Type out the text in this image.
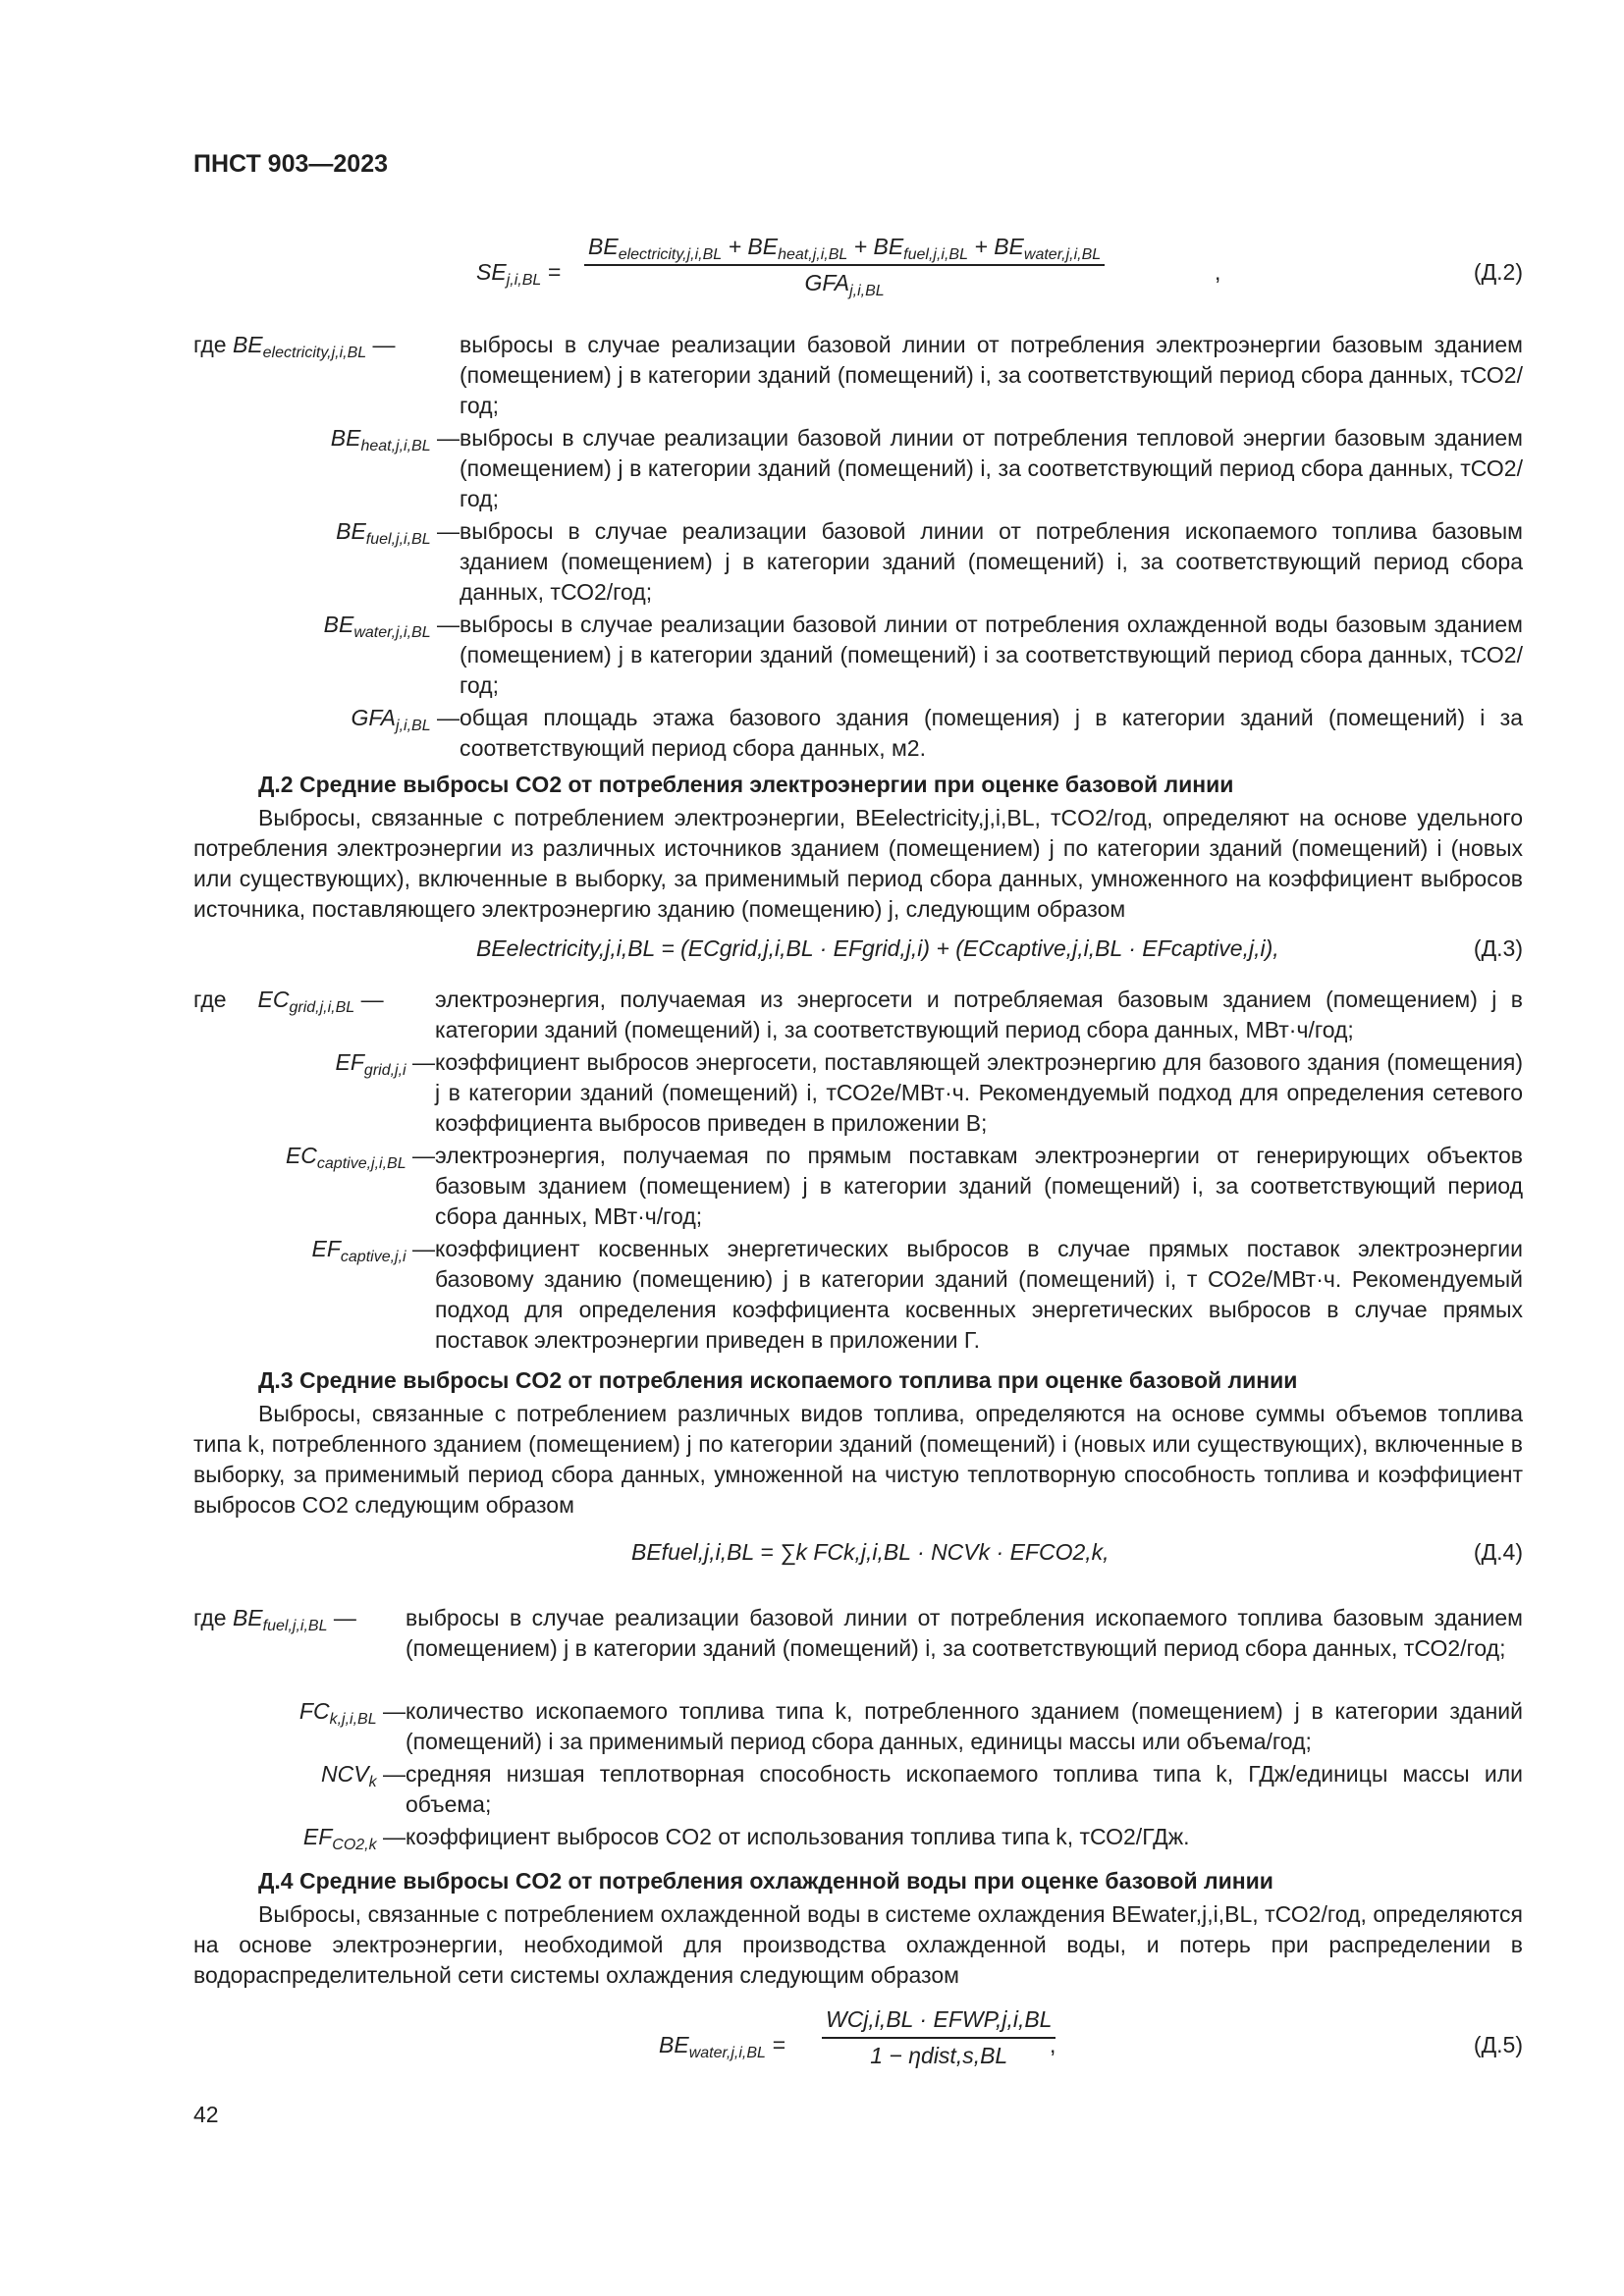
ПНСТ 903—2023
$SE_{j,i,BL}$ =
$BE_{electricity,j,i,BL} + BE_{heat,j,i,BL} + BE_{fuel,j,i,BL} + BE_{water,j,i,BL}$
$GFA_{j,i,BL}$
,	(Д.2)
где $BE_{electricity,j,i,BL}$ —	выбросы в случае реализации базовой линии от потребления электроэнергии базовым зданием (помещением) j в категории зданий (помещений) i, за соответствующий период сбора данных, тСО2/год;
$BE_{heat,j,i,BL}$ — выбросы в случае реализации базовой линии от потребления тепловой энергии базовым зданием (помещением) j в категории зданий (помещений) i, за соответствующий период сбора данных, тСО2/год;
$BE_{fuel,j,i,BL}$ — выбросы в случае реализации базовой линии от потребления ископаемого топлива базовым зданием (помещением) j в категории зданий (помещений) i, за соответствующий период сбора данных, тСО2/год;
$BE_{water,j,i,BL}$ — выбросы в случае реализации базовой линии от потребления охлажденной воды базовым зданием (помещением) j в категории зданий (помещений) i за соответствующий период сбора данных, тСО2/год;
$GFA_{j,i,BL}$ — общая площадь этажа базового здания (помещения) j в категории зданий (помещений) i за соответствующий период сбора данных, м2.
Д.2 Средние выбросы CO2 от потребления электроэнергии при оценке базовой линии
Выбросы, связанные с потреблением электроэнергии, BEelectricity,j,i,BL, тCO2/год, определяют на основе удельного потребления электроэнергии из различных источников зданием (помещением) j по категории зданий (помещений) i (новых или существующих), включенные в выборку, за применимый период сбора данных, умноженного на коэффициент выбросов источника, поставляющего электроэнергию зданию (помещению) j, следующим образом
BEelectricity,j,i,BL = (ECgrid,j,i,BL · EFgrid,j,i) + (ECcaptive,j,i,BL · EFcaptive,j,i),	(Д.3)
где $EC_{grid,j,i,BL}$ — электроэнергия, получаемая из энергосети и потребляемая базовым зданием (помещением) j в категории зданий (помещений) i, за соответствующий период сбора данных, МВт·ч/год;
$EF_{grid,j,i}$ — коэффициент выбросов энергосети, поставляющей электроэнергию для базового здания (помещения) j в категории зданий (помещений) i, тСО2е/МВт·ч. Рекомендуемый подход для определения сетевого коэффициента выбросов приведен в приложении В;
$EC_{captive,j,i,BL}$ — электроэнергия, получаемая по прямым поставкам электроэнергии от генерирующих объектов базовым зданием (помещением) j в категории зданий (помещений) i, за соответствующий период сбора данных, МВт·ч/год;
$EF_{captive,j,i}$ — коэффициент косвенных энергетических выбросов в случае прямых поставок электроэнергии базовому зданию (помещению) j в категории зданий (помещений) i, т СО2е/МВт·ч. Рекомендуемый подход для определения коэффициента косвенных энергетических выбросов в случае прямых поставок электроэнергии приведен в приложении Г.
Д.3 Средние выбросы CO2 от потребления ископаемого топлива при оценке базовой линии
Выбросы, связанные с потреблением различных видов топлива, определяются на основе суммы объемов топлива типа k, потребленного зданием (помещением) j по категории зданий (помещений) i (новых или существующих), включенные в выборку, за применимый период сбора данных, умноженной на чистую теплотворную способность топлива и коэффициент выбросов CO2 следующим образом
BEfuel,j,i,BL = ∑k FCk,j,i,BL · NCVk · EFCO2,k,	(Д.4)
где $BE_{fuel,j,i,BL}$ — выбросы в случае реализации базовой линии от потребления ископаемого топлива базовым зданием (помещением) j в категории зданий (помещений) i, за соответствующий период сбора данных, тСО2/год;
$FC_{k,j,i,BL}$ — количество ископаемого топлива типа k, потребленного зданием (помещением) j в категории зданий (помещений) i за применимый период сбора данных, единицы массы или объема/год;
$NCV_k$ — средняя низшая теплотворная способность ископаемого топлива типа k, ГДж/единицы массы или объема;
$EF_{CO2,k}$ — коэффициент выбросов CO2 от использования топлива типа k, тСО2/ГДж.
Д.4 Средние выбросы CO2 от потребления охлажденной воды при оценке базовой линии
Выбросы, связанные с потреблением охлажденной воды в системе охлаждения BEwater,j,i,BL, тСО2/год, определяются на основе электроэнергии, необходимой для производства охлажденной воды, и потерь при распределении в водораспределительной сети системы охлаждения следующим образом
$BE_{water,j,i,BL}$ =
WCj,i,BL · EFWP,j,i,BL
1 − ηdist,s,BL	,	(Д.5)
42
